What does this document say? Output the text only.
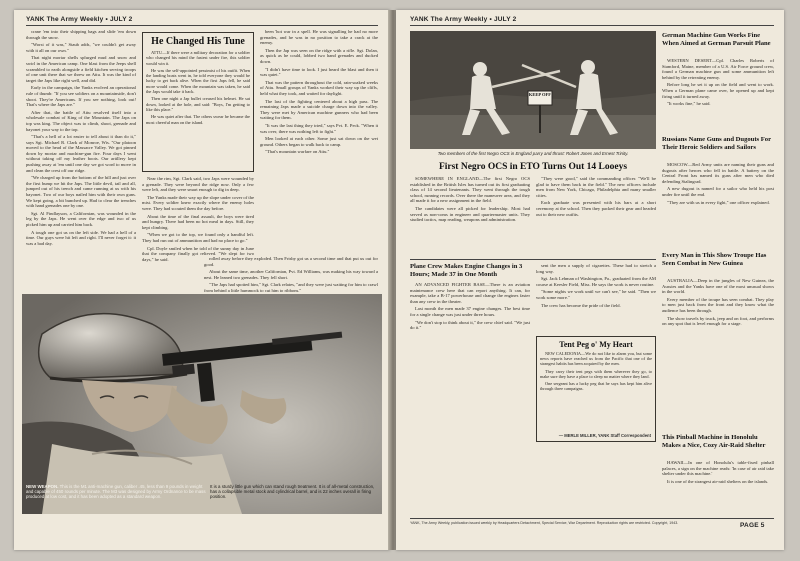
YANK The Army Weekly • JULY 2

crane 'em into their shipping bags and slide 'em down through the snow.

"Worst of it was," Staub adds, "we couldn't get away with it all on our own."

That night mortar shells splurged mud and snow and swirl in the American camp. One blast from the Jeeps shell scrambled to earth alongside a field kitchen serving troops of one unit there that we threw on Attu. It was the kind of target the Japs like right well, and did.

Early in the campaign, the Yanks evolved an operational rule of thumb: "If you see soldiers on a mountainside, don't shoot. They're Americans. If you see nothing, look out! That's where the Japs are."

After that, the battle of Attu resolved itself into a wholesale combat of King of the Mountain. The Japs on top was king. The object was to climb, shoot, grenade and bayonet your way to the top.

"That's a hell of a lot easier to tell about it than do it," says Sgt. Michael R. Clark of Monroe, Wis. "Our platoon moved to the head of the Massacre Valley. We got pinned down by mortar and machine-gun fire. Four days I went without taking off my leather boots. Our artillery kept pushing away at 'em until one day we got word to move in and clean the crest off our ridge.

"We charged up from the bottom of the hill and just over the first bump we hit the Japs. The little devil, tail and all, jumped out of his trench and came running at us with his bayonet. Two of our boys nailed him with their own guns. We kept going, a bit bunched up. Had to clear the trenches with hand grenades one by one.

Sgt. Al Findlayson, a Californian, was wounded in the leg by the Japs. He went over the edge and two of us picked him up and carried him back.

A tough one got us on the left side. We had a hell of a time. Our guys were hit left and right. I'll never forget it: it was a bad day.

He Changed His Tune

ATTU—If there were a military decoration for a soldier who changed his mind the fastest under fire, this soldier would win it.

He was the self-appointed pessimist of his outfit. When the landing boats went in, he told everyone they would be lucky to get back alive. When the first Japs fell, he said more would come. When the mountain was taken, he said the Japs would take it back.

Then one night a Jap bullet creased his helmet. He sat down, looked at the hole, and said: "Boys, I'm getting to like this place."

He was quiet after that. The others swear he became the most cheerful man on the island.

Near the rim, Sgt. Clark said, two Japs were wounded by a grenade. They were beyond the ridge now. Only a few were left, and they were smart enough to dig in deep.

The Yanks made their way up the slope under cover of the mist. Every soldier knew exactly where the enemy holes were. They had scouted them the day before.

About the time of the final assault, the boys were tired and hungry. There had been no hot meal in days. Still, they kept climbing.

"When we got to the top, we found only a handful left. They had run out of ammunition and had no place to go."

Cpl. Doyle smiled when he told of the sunny day in June that the company finally got relieved. "We slept for two days," he said.

been 'hot war in a spell. He was signalling he had no more grenades, and he was in no position to take a crack at the enemy.

Then the Jap was seen on the ridge with a rifle. Sgt. Dolan, as quick as he could, lobbed two hand grenades and ducked down.

"I didn't have time to look. I just heard the blast and then it was quiet."

That was the pattern throughout the cold, rain-soaked weeks of Attu. Small groups of Yanks worked their way up the cliffs, held what they took, and waited for daylight.

The last of the fighting centered about a high pass. The remaining Japs made a suicide charge down into the valley. They were met by American machine gunners who had been waiting for them.

"It was the last thing they tried," says Pvt. E. Peck. "When it was over, there was nothing left to fight."

Men looked at each other. Some just sat down on the wet ground. Others began to walk back to camp.

"That's mountain warfare on Attu."

rolled away before they exploded. Then Frisby got us a second time and that put us out for good.

About the same time, another Californian, Pvt. Ed Williams, was making his way toward a nest. He leaned two grenades. They fell short.

"The Japs had spotted him," Sgt. Clark relates, "and they were just waiting for him to crawl from behind a little hummock to cut him to ribbons."

NEW WEAPON. This is the M1 anti-machine gun, caliber .45, less than 9 pounds in weight and capable of 450 rounds per minute. The M3 was designed by Army Ordnance to be mass produced at low cost, and it has been adopted as a standard weapon.
It is a sturdy little gun which can stand rough treatment. It is of all-metal construction, has a collapsible metal stock and cylindrical barrel, and is 22 inches overall in firing position.
YANK The Army Weekly • JULY 2
KEEP OFF
Two members of the first Negro OCS in England parry and thrust: Robert Jones and Ernest Trinity.
First Negro OCS in ETO Turns Out 14 Looeys

SOMEWHERE IN ENGLAND—The first Negro OCS established in the British Isles has turned out its first graduating class of 14 second lieutenants. They went through the tough school, running records. Over there the maneuver area, and they all made it for a new assignment in the field.

The candidates were all picked for leadership. Most had served as non-coms in engineer and quartermaster units. They studied tactics, map reading, weapons and administration.

"They were good," said the commanding officer. "We'll be glad to have them back in the field." The new officers include men from New York, Chicago, Philadelphia and many smaller cities.

Each graduate was presented with his bars at a short ceremony at the school. Then they packed their gear and headed out to their new outfits.

Plane Crew Makes Engine Changes in 3 Hours; Made 37 in One Month

AN ADVANCED FIGHTER BASE—There is an aviation maintenance crew here that can report anything. It can, for example, take a B-17 powerhouse and change the engines faster than any crew in the theater.

Last month the men made 37 engine changes. The best time for a single change was just under three hours.

"We don't stop to think about it," the crew chief said. "We just do it."

sent the men a supply of cigarettes. These had to stretch a long way.

Sgt. Jack Lehman of Washington, Pa., graduated from the AM course at Keesler Field, Miss. He says the work is never routine.

"Some nights we work until we can't see," he said. "Then we work some more."

The crew has become the pride of the field.

Tent Peg o' My Heart

NEW CALEDONIA—We do not like to alarm you, but some news reports have reached us from the Pacific that one of the strangest habits has been acquired by the men.

They carry their tent pegs with them wherever they go, to make sure they have a place to sleep no matter where they land.

One sergeant has a lucky peg that he says has kept him alive through three campaigns.

— MERLE MILLER, YANK Staff Correspondent
German Machine Gun Works Fine When Aimed at German Parsuit Plane

WESTERN DESERT—Cpl. Charles Roberts of Stamford, Maine, member of a U.S. Air Force ground crew, found a German machine gun and some ammunition left behind by the retreating enemy.

Before long he set it up on the field and went to work. When a German plane came over, he opened up and kept firing until it turned away.

"It works fine," he said.

Russians Name Guns and Dugouts For Their Heroic Soldiers and Sailors

MOSCOW—Red Army units are naming their guns and dugouts after heroes who fell in battle. A battery on the Central Front has named its guns after men who died defending Stalingrad.

A new dugout is named for a sailor who held his post under fire until the end.

"They are with us in every fight," one officer explained.

Every Man in This Show Troupe Has Seen Combat in New Guinea

AUSTRALIA—Deep in the jungles of New Guinea, the Aussies and the Yanks have one of the most unusual shows in the world.

Every member of the troupe has seen combat. They play to men just back from the front and they know what the audience has been through.

The show travels by truck, jeep and on foot, and performs on any spot that is level enough for a stage.

This Pinball Machine in Honolulu Makes a Nice, Cozy Air-Raid Shelter

HAWAII—In one of Honolulu's table-fixed pinball palaces, a sign on the machine reads: 'In case of air raid take shelter under this machine.'

It is one of the strangest air-raid shelters on the islands.

YANK, The Army Weekly, publication issued weekly by Headquarters Detachment, Special Service, War Department. Reproduction rights are restricted. Copyright, 1943.	PAGE 5
